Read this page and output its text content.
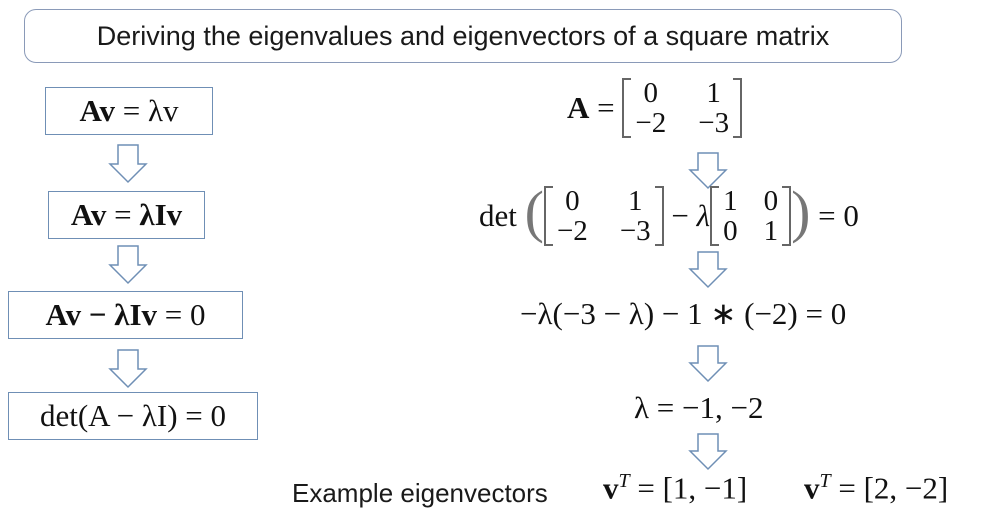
Deriving the eigenvalues and eigenvectors of a square matrix
Av = λv
Av = λIv
Av − λIv = 0
det(A − λI) = 0
A = 0 1
−2 −3
det
( 0 1
−2 −3 − λ 1 0
0 1 ) = 0
−λ(−3 − λ) − 1 ∗ (−2) = 0
λ = −1, −2
Example eigenvectors $v^T = [1$, −1] $v^T = [2$, −2]
